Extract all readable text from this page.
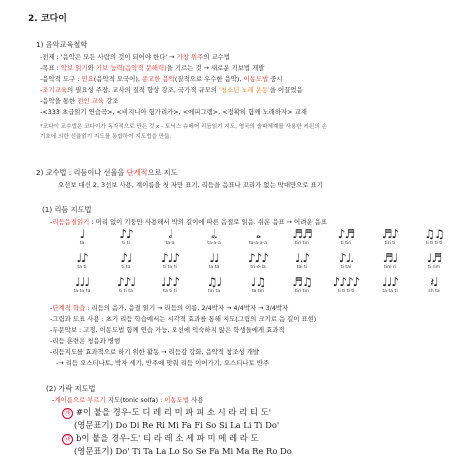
2. 코다이
1) 음악교육철학
-전제 : '음악은 모든 사람의 것이 되어야 한다' → 가창 위주의 교수법
-목표 : 악보 읽기와 기보 능력(음악적 문해력)을 기르는 것 → 새로운 기보법 개발
-음악적 도구 : 민요(음악적 모국어), 종교한 음악(질적으로 우수한 음악), 이동도법 중시
-조기교육의 필요성 주장, 교사의 질적 향상 강조, 국가적 규모의 '청소년 노래 운동'을 이끌었음
-음악을 통한 전인 교육 강조
-<333 초급읽기 연습곡>, <비지니아 헝가리카>, <에피그램>, <정확히 함께 노래하자> 교재
*코다이 교수법은 코다이가 독자적으로 만든 것 x - 토닉스 슈페어 리듬읽기 지도, 영국의 솔파체계를 사용한 커윈의 손
기호에 의한 선율읽기 지도를 통합하여 지도법을 만듦.
2) 교수법 : 리듬이나 선율을 단계적으로 지도
오선보 대신 2, 3선보 사용, 계이름을 첫 자만 표기, 리듬을 음표나 꼬리가 없는 막대만으로 표기
(1) 리듬 지도법
-리듬음절읽기 : 머리 없이 기둥만 사용해서 박의 길이에 따른 음절로 읽음. 쉬운 음표 → 어려운 음표
♩
ta
♪♪
ti ti
𝅗𝅥
ta-a
𝅗𝅥.
ta-a-a
𝅝
ta-a-a-a
♬♬
tiri tiri
♪♬
ti tiri
♬♪
tiri ti
♫♫
ti ti ti ti
♩♪
ta ti
♪♩
ti ta
♪♩♪
ti ta ti
♩♩
ta ta
♪♪♪
tri-o-la
♩.♪
tai ti
♪♩.
ti tai
♬♩
tim ri
♩♬
ti rim
♩♩♩
ta ta ta
♪♪♩
ti ti ta
♩♪♪
ta ti ti
♫♩
tiri ta
♩♫
ta tiri
♬♫
tiri tiri
♪♪♪♪
ti ti ti ti
♩♩♪
ta ta ti
𝄽♩
sh ta
-단계적 학습 : 리듬의 음가, 음절 읽기 → 리듬의 이름, 2/4박자 → 4/4박자 → 3/4박자
-그림과 도표 사용 : 초기 리듬 학습에서는 시각적 효과를 통해 지도(그림의 크기로 음 길이 표현)
-두문악보 : 고정, 이동도법 함께 연습 가능, 오선에 익숙하지 않은 학생들에게 효과적
-리듬 훈련은 청음과 병행
-리듬지도를 효과적으로 하기 위한 활동 → 리듬감 강화, 음악적 창조성 개발
-→ 리듬 오스티나토, 박자 세기, 반주에 맞춰 리듬 이어가기, 오스티나토 반주
(2) 가락 지도법
-계이름으로 부르기 지도(tonic solfa) : 이동도법 사용
㉮ #이 붙을 경우-도 디 레 리 미 파 피 소 시 라 리 티 도'
(영문표기) Do Di Re Ri Mi Fa Fi So Si La Li Ti Do'
㉯ b이 붙을 경우-도' 티 라 레 소 세 파 미 메 레 라 도
(영문표기) Do' Ti Ta La Lo So Se Fa Mi Ma Re Ro Do
